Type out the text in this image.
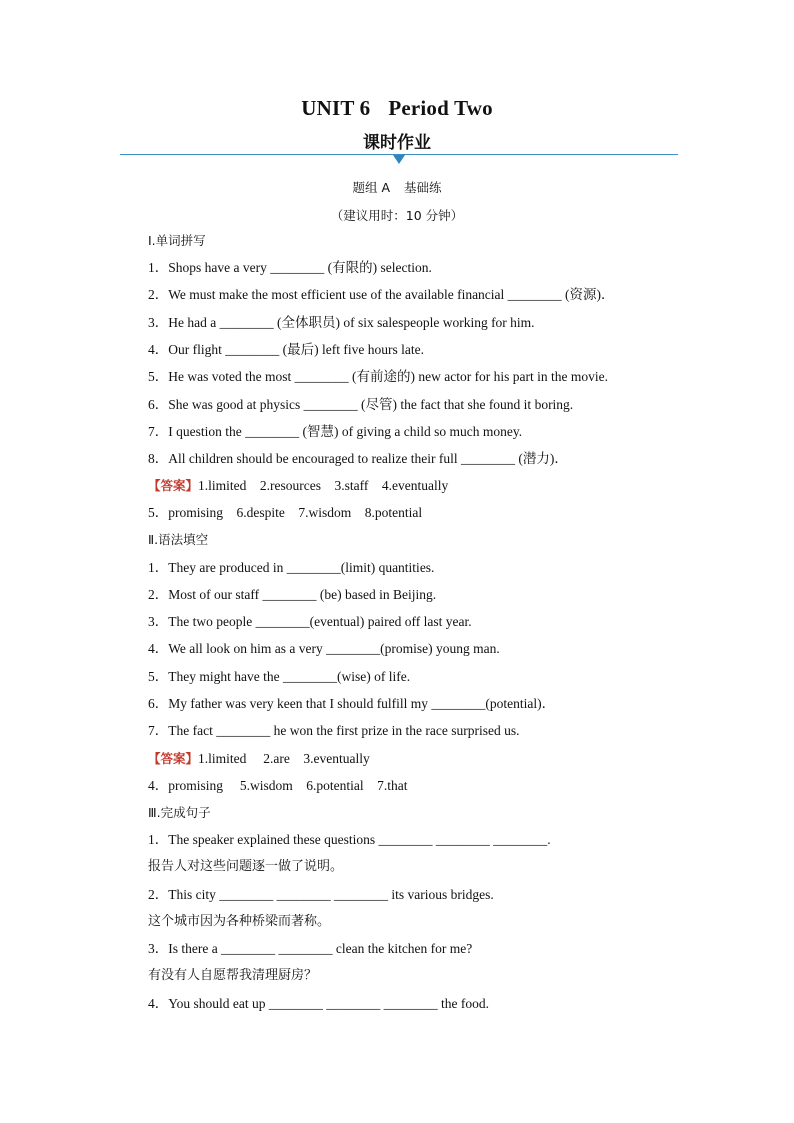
UNIT 6 Period Two
课时作业
题组 A 基础练
（建议用时：10 分钟）
Ⅰ.单词拼写
1．Shops have a very ________ (有限的) selection.
2．We must make the most efficient use of the available financial ________ (资源)．
3．He had a ________ (全体职员) of six salespeople working for him.
4．Our flight ________ (最后) left five hours late.
5．He was voted the most ________ (有前途的) new actor for his part in the movie.
6．She was good at physics ________ (尽管) the fact that she found it boring.
7．I question the ________ (智慧) of giving a child so much money.
8．All children should be encouraged to realize their full ________ (潜力)．
【答案】1.limited    2.resources    3.staff    4.eventually
5．promising    6.despite    7.wisdom    8.potential
Ⅱ.语法填空
1．They are produced in ________(limit) quantities.
2．Most of our staff ________ (be) based in Beijing.
3．The two people ________(eventual) paired off last year.
4．We all look on him as a very ________(promise) young man.
5．They might have the ________(wise) of life.
6．My father was very keen that I should fulfill my ________(potential)．
7．The fact ________ he won the first prize in the race surprised us.
【答案】1.limited     2.are    3.eventually
4．promising     5.wisdom    6.potential    7.that
Ⅲ.完成句子
1．The speaker explained these questions ________ ________ ________.
报告人对这些问题逐一做了说明。
2．This city ________ ________ ________ its various bridges.
这个城市因为各种桥梁而著称。
3．Is there a ________ ________ clean the kitchen for me?
有没有人自愿帮我清理厨房？
4．You should eat up ________ ________ ________ the food.
